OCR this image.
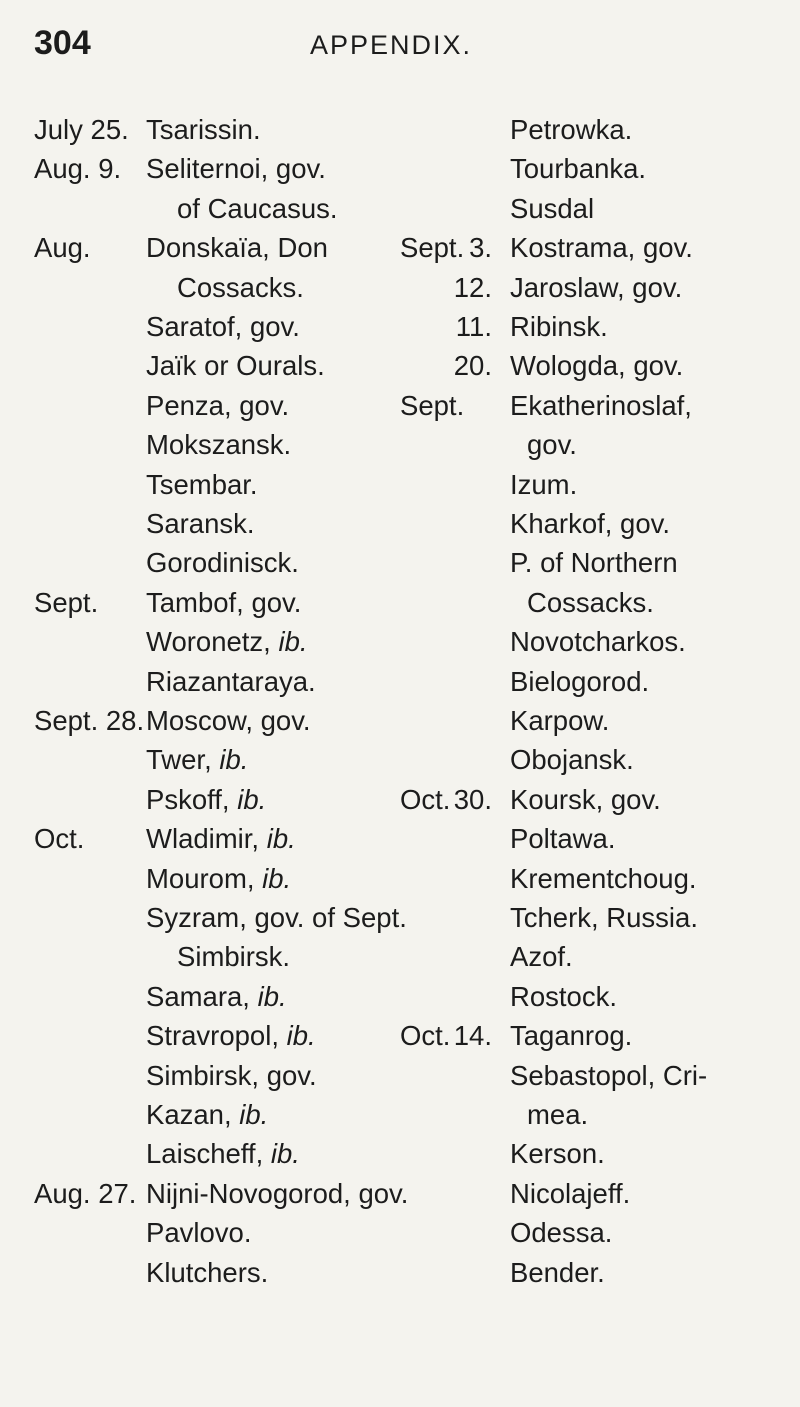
304	APPENDIX.
July 25. Tsarissin.	Petrowka.
Aug. 9. Seliternoi, gov.	Tourbanka.
of Caucasus.	Susdal
Aug. Donskaïa, Don	Sept. 3. Kostrama, gov.
Cossacks.	12. Jaroslaw, gov.
Saratof, gov.	11. Ribinsk.
Jaïk or Ourals.	20. Wologda, gov.
Penza, gov.	Sept. Ekatherinoslaf,
Mokszansk.	gov.
Tsembar.	Izum.
Saransk.	Kharkof, gov.
Gorodinisck.	P. of Northern
Sept. Tambof, gov.	Cossacks.
Woronetz, ib.	Novotcharkos.
Riazantaraya.	Bielogorod.
Sept. 28. Moscow, gov.	Karpow.
Twer, ib.	Obojansk.
Pskoff, ib.	Oct. 30. Koursk, gov.
Oct. Wladimir, ib.	Poltawa.
Mourom, ib.	Krementchoug.
Syzram, gov. of Sept.	Tcherk, Russia.
Simbirsk.	Azof.
Samara, ib.	Rostock.
Stravropol, ib.	Oct. 14. Taganrog.
Simbirsk, gov.	Sebastopol, Cri-
Kazan, ib.	mea.
Laischeff, ib.	Kerson.
Aug. 27. Nijni-Novogorod, gov.	Nicolajeff.
Pavlovo.	Odessa.
Klutchers.	Bender.
